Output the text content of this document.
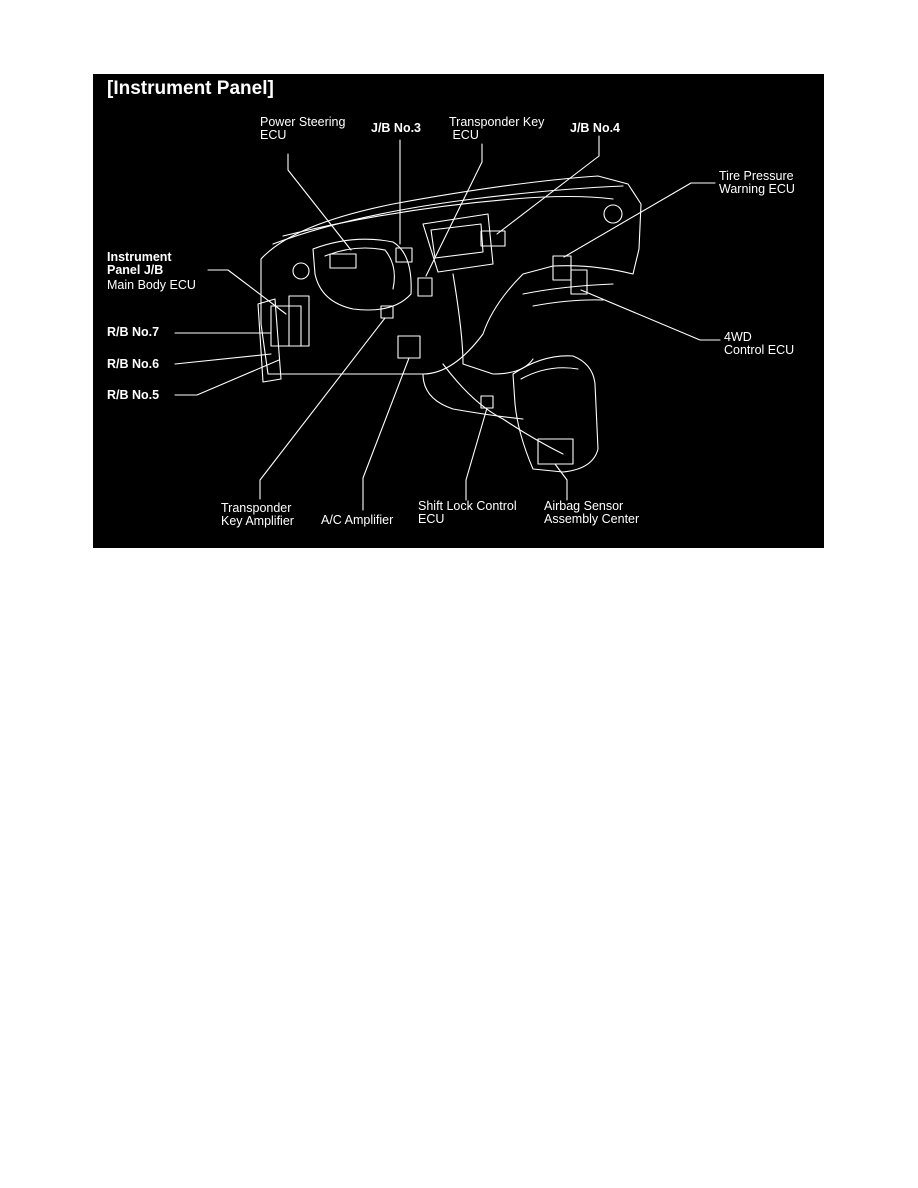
[Instrument Panel]
Power Steering
ECU	J/B No.3 Transponder Key
ECU	J/B No.4
Tire Pressure
Warning ECU
Instrument
Panel J/B
Main Body ECU
R/B No.7
R/B No.6
R/B No.5
4WD
Control ECU
Transponder
Key Amplifier A/C Amplifier
Shift Lock Control
ECU
Airbag Sensor
Assembly Center
